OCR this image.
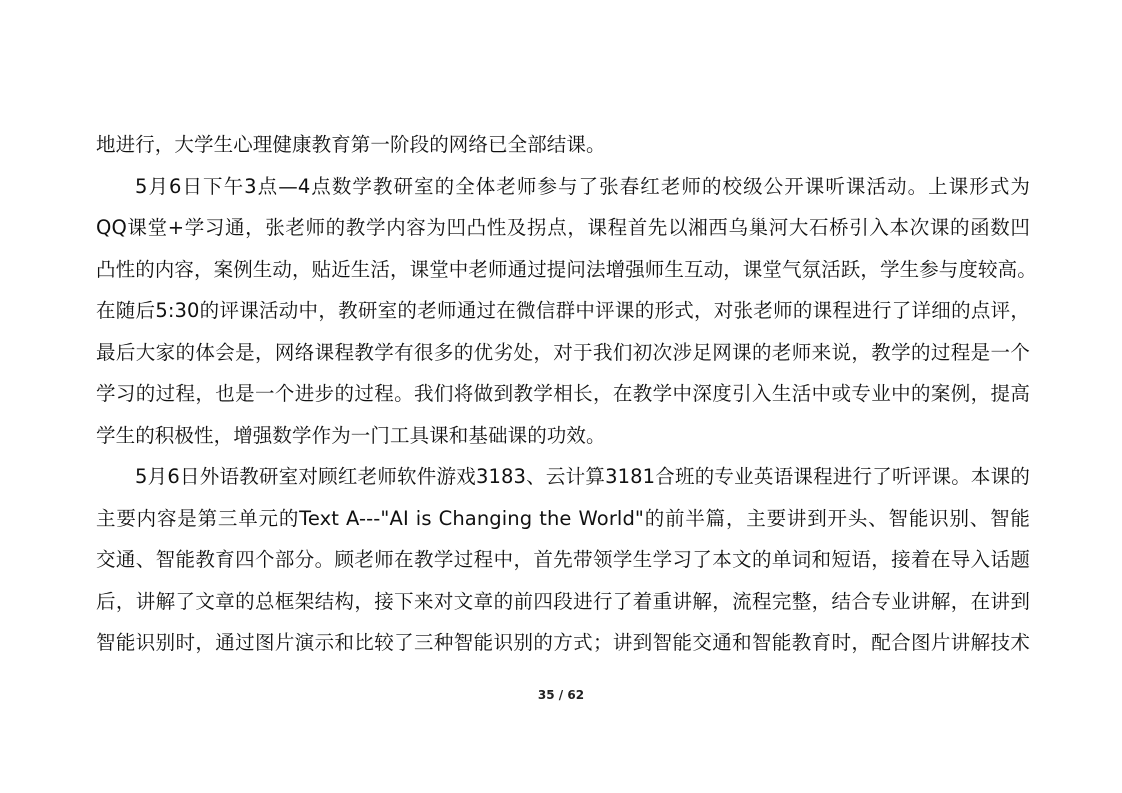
地进行，大学生心理健康教育第一阶段的网络已全部结课。
5月6日下午3点—4点数学教研室的全体老师参与了张春红老师的校级公开课听课活动。上课形式为
QQ课堂+学习通，张老师的教学内容为凹凸性及拐点，课程首先以湘西乌巢河大石桥引入本次课的函数凹
凸性的内容，案例生动，贴近生活，课堂中老师通过提问法增强师生互动，课堂气氛活跃，学生参与度较高。
在随后5:30的评课活动中，教研室的老师通过在微信群中评课的形式，对张老师的课程进行了详细的点评，
最后大家的体会是，网络课程教学有很多的优劣处，对于我们初次涉足网课的老师来说，教学的过程是一个
学习的过程，也是一个进步的过程。我们将做到教学相长，在教学中深度引入生活中或专业中的案例，提高
学生的积极性，增强数学作为一门工具课和基础课的功效。
5月6日外语教研室对顾红老师软件游戏3183、云计算3181合班的专业英语课程进行了听评课。本课的
主要内容是第三单元的Text A---"AI is Changing the World"的前半篇，主要讲到开头、智能识别、智能
交通、智能教育四个部分。顾老师在教学过程中，首先带领学生学习了本文的单词和短语，接着在导入话题
后，讲解了文章的总框架结构，接下来对文章的前四段进行了着重讲解，流程完整，结合专业讲解，在讲到
智能识别时，通过图片演示和比较了三种智能识别的方式；讲到智能交通和智能教育时，配合图片讲解技术
35 / 62
